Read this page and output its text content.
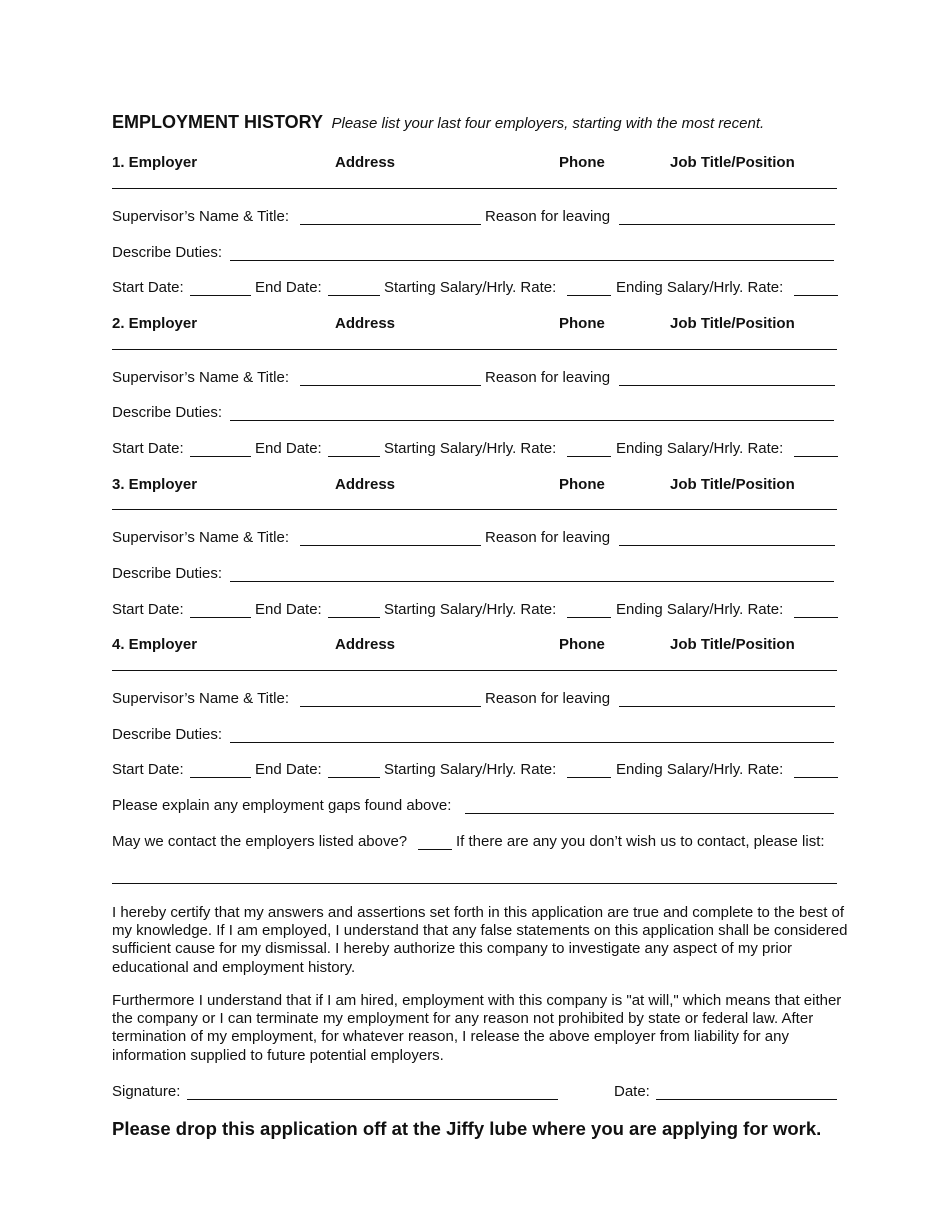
EMPLOYMENT HISTORY Please list your last four employers, starting with the most recent.
1. Employer	Address	Phone	Job Title/Position
Supervisor’s Name & Title:	Reason for leaving
Describe Duties:
Start Date:	End Date:	Starting Salary/Hrly. Rate:	Ending Salary/Hrly. Rate:
2. Employer	Address	Phone	Job Title/Position
Supervisor’s Name & Title:	Reason for leaving
Describe Duties:
Start Date:	End Date:	Starting Salary/Hrly. Rate:	Ending Salary/Hrly. Rate:
3. Employer	Address	Phone	Job Title/Position
Supervisor’s Name & Title:	Reason for leaving
Describe Duties:
Start Date:	End Date:	Starting Salary/Hrly. Rate:	Ending Salary/Hrly. Rate:
4. Employer	Address	Phone	Job Title/Position
Supervisor’s Name & Title:	Reason for leaving
Describe Duties:
Start Date:	End Date:	Starting Salary/Hrly. Rate:	Ending Salary/Hrly. Rate:
Please explain any employment gaps found above:
May we contact the employers listed above?	If there are any you don’t wish us to contact, please list:
I hereby certify that my answers and assertions set forth in this application are true and complete to the best of my knowledge. If I am employed, I understand that any false statements on this application shall be considered sufficient cause for my dismissal. I hereby authorize this company to investigate any aspect of my prior educational and employment history.
Furthermore I understand that if I am hired, employment with this company is "at will," which means that either the company or I can terminate my employment for any reason not prohibited by state or federal law. After termination of my employment, for whatever reason, I release the above employer from liability for any information supplied to future potential employers.
Signature:	Date:
Please drop this application off at the Jiffy lube where you are applying for work.
